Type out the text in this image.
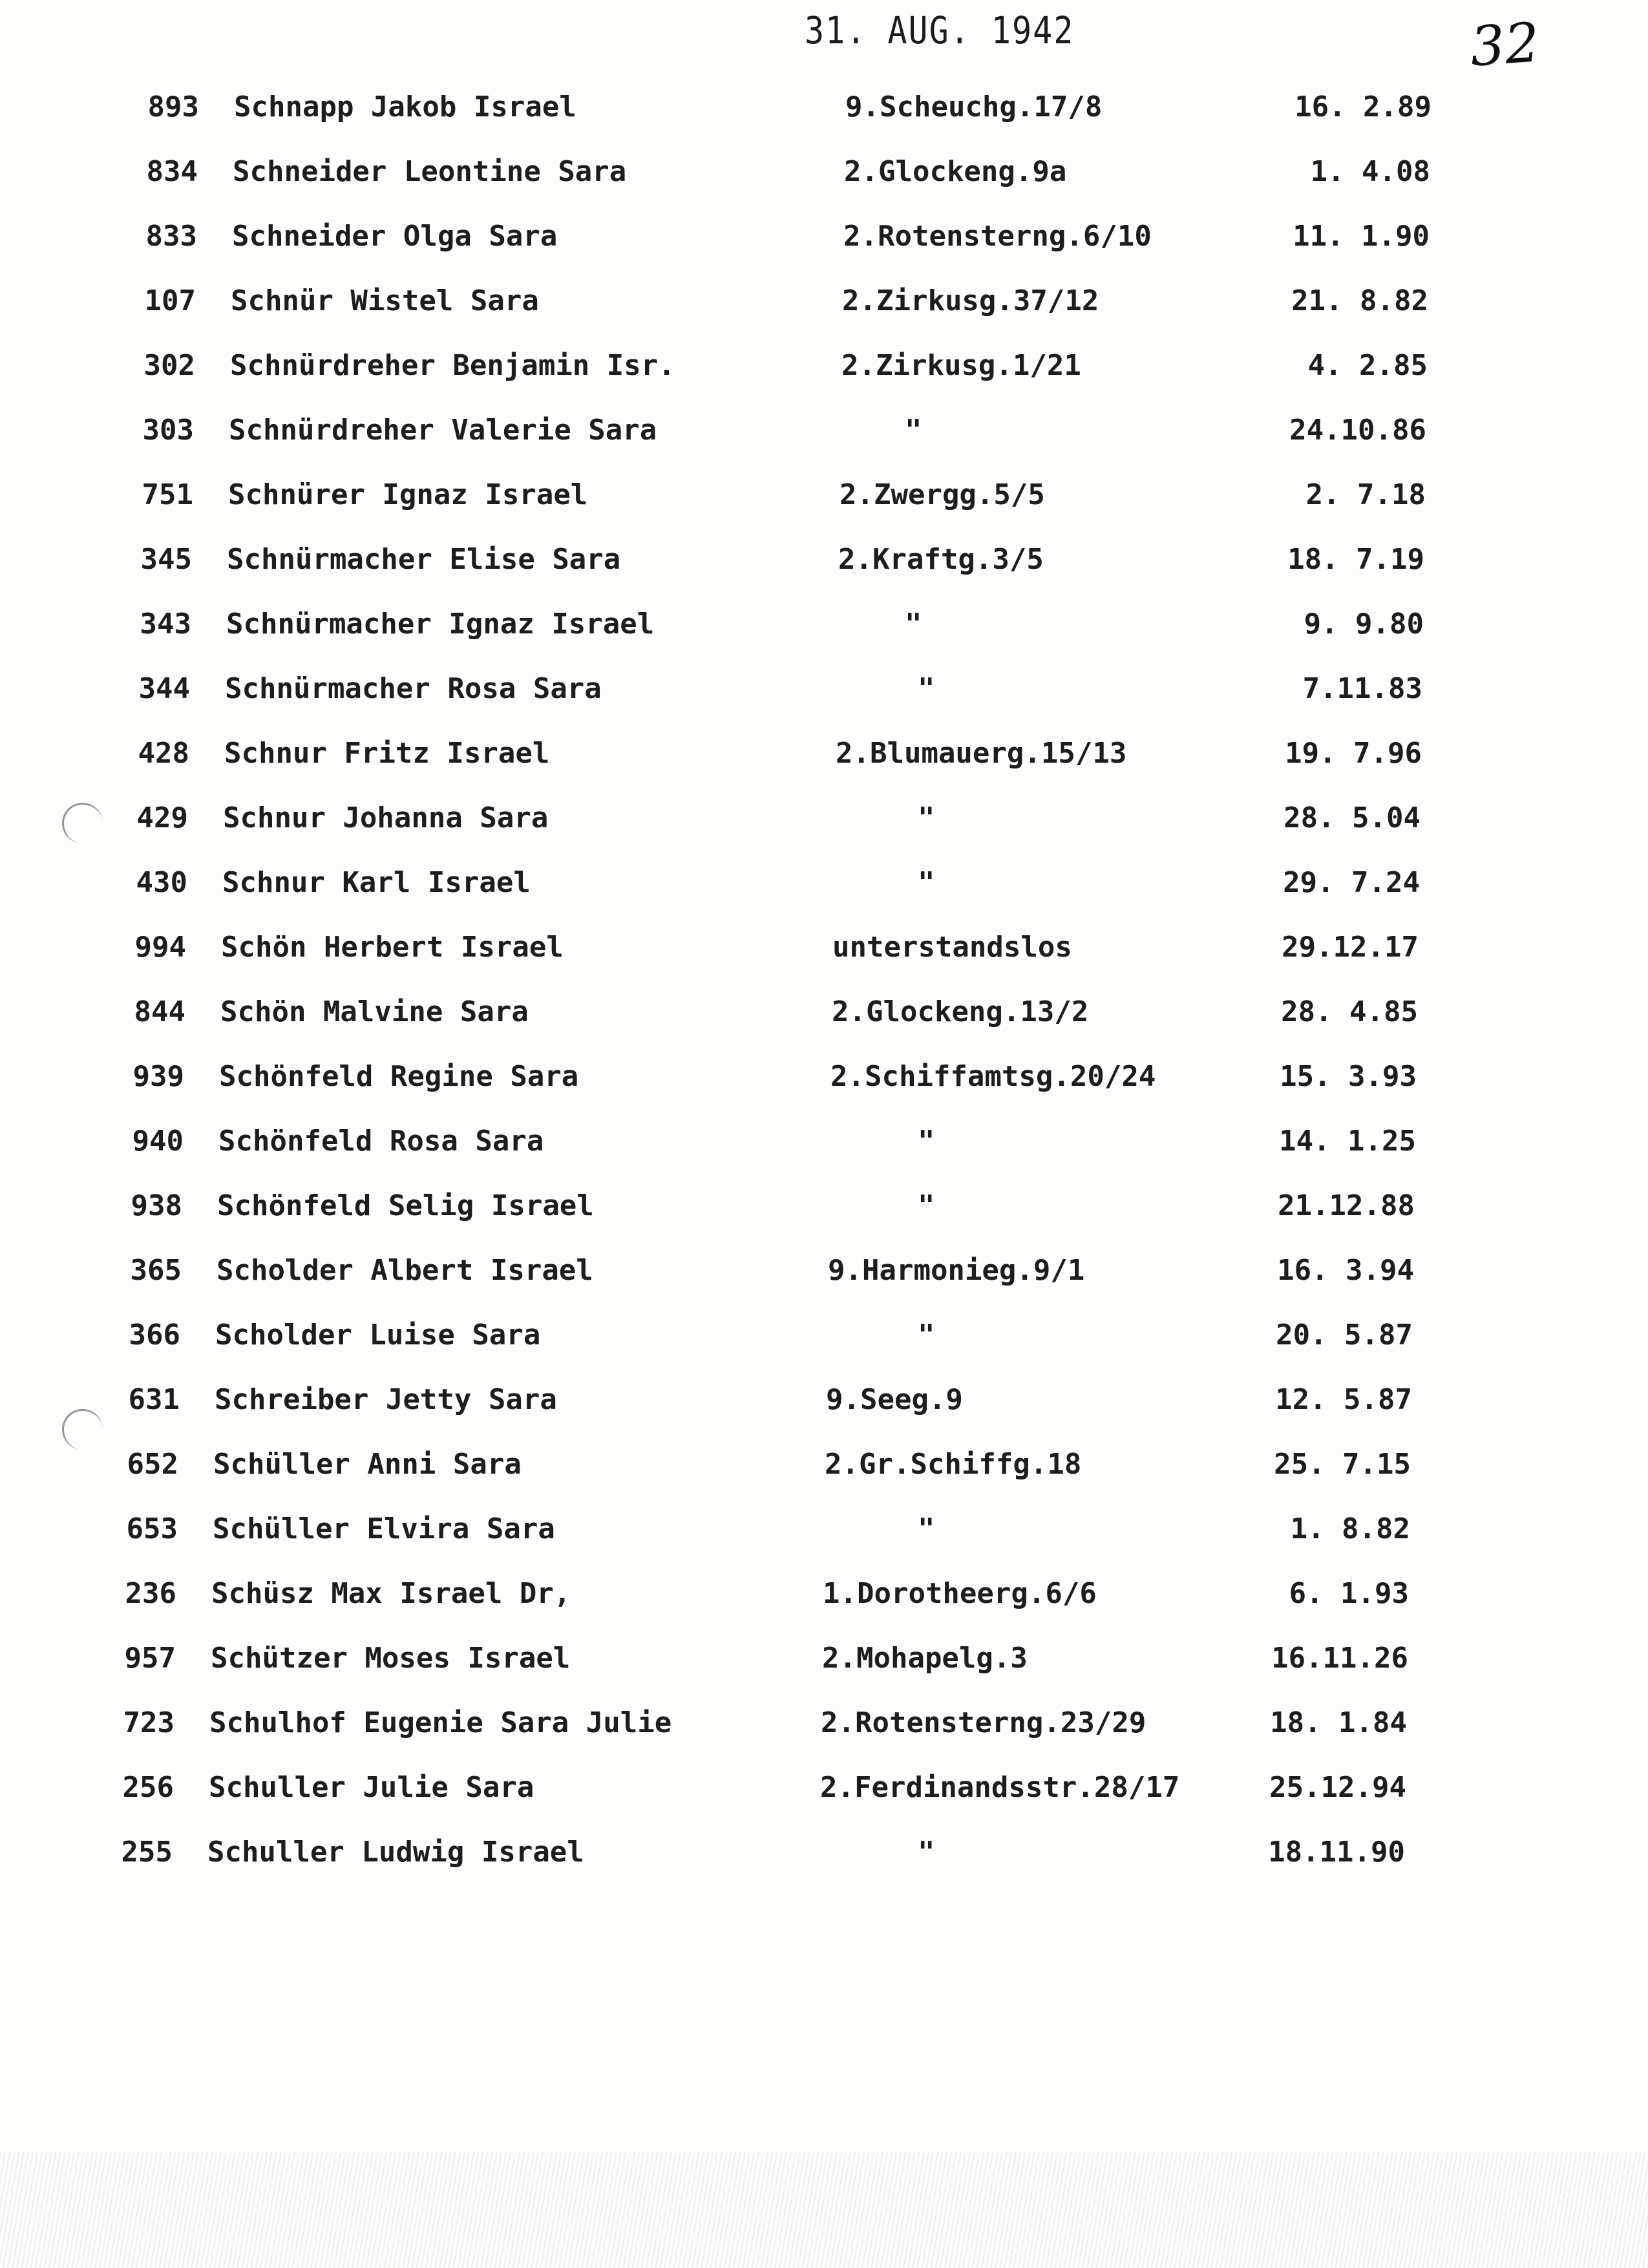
31. AUG. 1942	32
893 Schnapp Jakob Israel	9.Scheuchg.17/8	16. 2.89
834 Schneider Leontine Sara	2.Glockeng.9a	1. 4.08
833 Schneider Olga Sara	2.Rotensterng.6/10	11. 1.90
107 Schnür Wistel Sara	2.Zirkusg.37/12	21. 8.82
302 Schnürdreher Benjamin Isr.	2.Zirkusg.1/21	4. 2.85
303 Schnürdreher Valerie Sara	"	24.10.86
751 Schnürer Ignaz Israel	2.Zwergg.5/5	2. 7.18
345 Schnürmacher Elise Sara	2.Kraftg.3/5	18. 7.19
343 Schnürmacher Ignaz Israel	"	9. 9.80
344 Schnürmacher Rosa Sara	"	7.11.83
428 Schnur Fritz Israel	2.Blumauerg.15/13	19. 7.96
429 Schnur Johanna Sara	"	28. 5.04
430 Schnur Karl Israel	"	29. 7.24
994 Schön Herbert Israel	unterstandslos	29.12.17
844 Schön Malvine Sara	2.Glockeng.13/2	28. 4.85
939 Schönfeld Regine Sara	2.Schiffamtsg.20/24	15. 3.93
940 Schönfeld Rosa Sara	"	14. 1.25
938 Schönfeld Selig Israel	"	21.12.88
365 Scholder Albert Israel	9.Harmonieg.9/1	16. 3.94
366 Scholder Luise Sara	"	20. 5.87
631 Schreiber Jetty Sara	9.Seeg.9	12. 5.87
652 Schüller Anni Sara	2.Gr.Schiffg.18	25. 7.15
653 Schüller Elvira Sara	"	1. 8.82
236 Schüsz Max Israel Dr,	1.Dorotheerg.6/6	6. 1.93
957 Schützer Moses Israel	2.Mohapelg.3	16.11.26
723 Schulhof Eugenie Sara Julie	2.Rotensterng.23/29	18. 1.84
256 Schuller Julie Sara	2.Ferdinandsstr.28/17	25.12.94
255 Schuller Ludwig Israel	"	18.11.90
